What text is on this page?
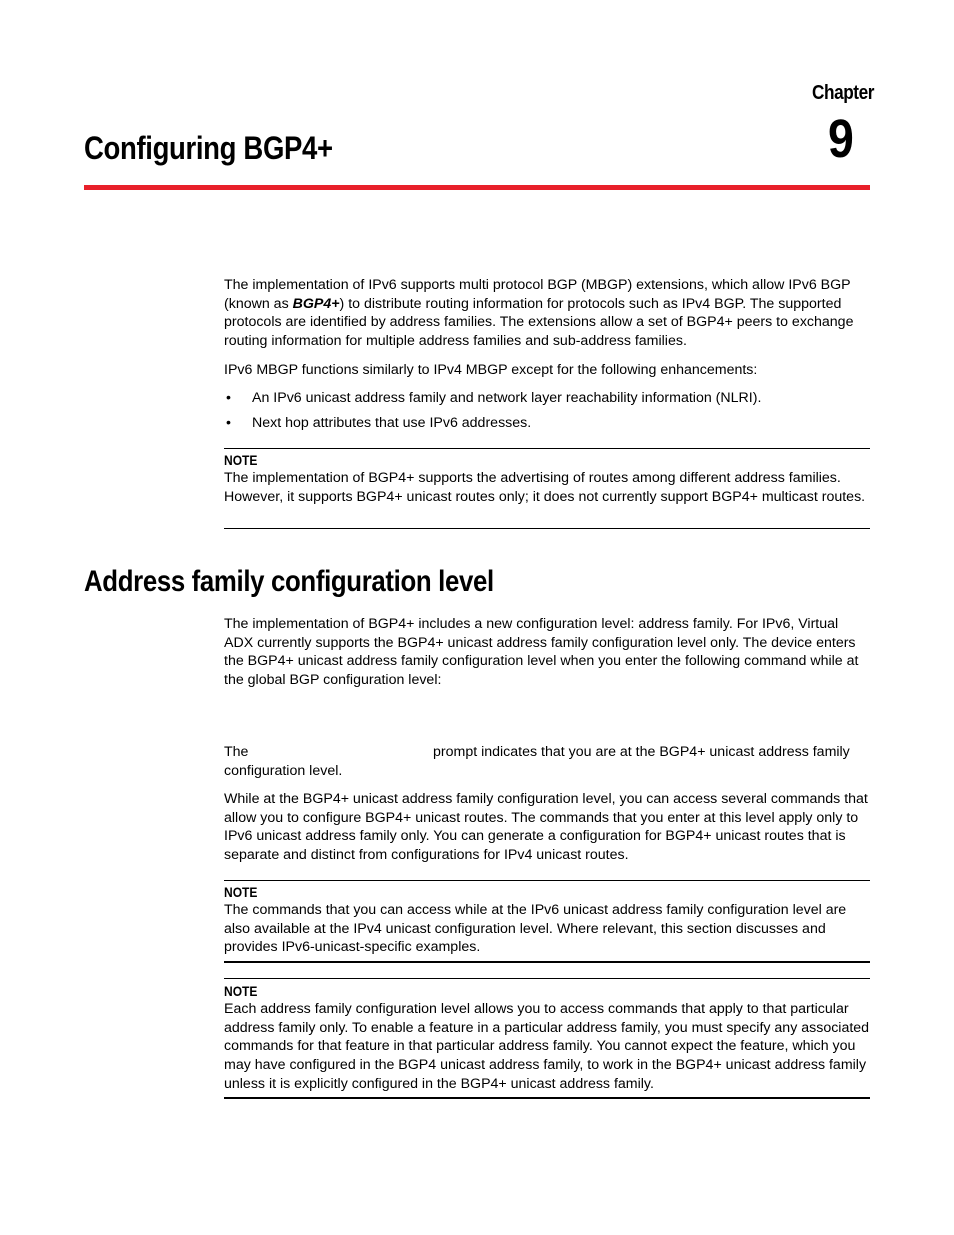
Chapter
9
Configuring BGP4+

The implementation of IPv6 supports multi protocol BGP (MBGP) extensions, which allow IPv6 BGP (known as BGP4+) to distribute routing information for protocols such as IPv4 BGP. The supported protocols are identified by address families. The extensions allow a set of BGP4+ peers to exchange routing information for multiple address families and sub-address families.

IPv6 MBGP functions similarly to IPv4 MBGP except for the following enhancements:
• An IPv6 unicast address family and network layer reachability information (NLRI).
• Next hop attributes that use IPv6 addresses.
NOTE
The implementation of BGP4+ supports the advertising of routes among different address families. However, it supports BGP4+ unicast routes only; it does not currently support BGP4+ multicast routes.
Address family configuration level
The implementation of BGP4+ includes a new configuration level: address family. For IPv6, Virtual ADX currently supports the BGP4+ unicast address family configuration level only. The device enters the BGP4+ unicast address family configuration level when you enter the following command while at the global BGP configuration level:
The	prompt indicates that you are at the BGP4+ unicast address family
configuration level.
While at the BGP4+ unicast address family configuration level, you can access several commands that allow you to configure BGP4+ unicast routes. The commands that you enter at this level apply only to IPv6 unicast address family only. You can generate a configuration for BGP4+ unicast routes that is separate and distinct from configurations for IPv4 unicast routes.
NOTE
The commands that you can access while at the IPv6 unicast address family configuration level are also available at the IPv4 unicast configuration level. Where relevant, this section discusses and provides IPv6-unicast-specific examples.
NOTE
Each address family configuration level allows you to access commands that apply to that particular address family only. To enable a feature in a particular address family, you must specify any associated commands for that feature in that particular address family. You cannot expect the feature, which you may have configured in the BGP4 unicast address family, to work in the BGP4+ unicast address family unless it is explicitly configured in the BGP4+ unicast address family.
